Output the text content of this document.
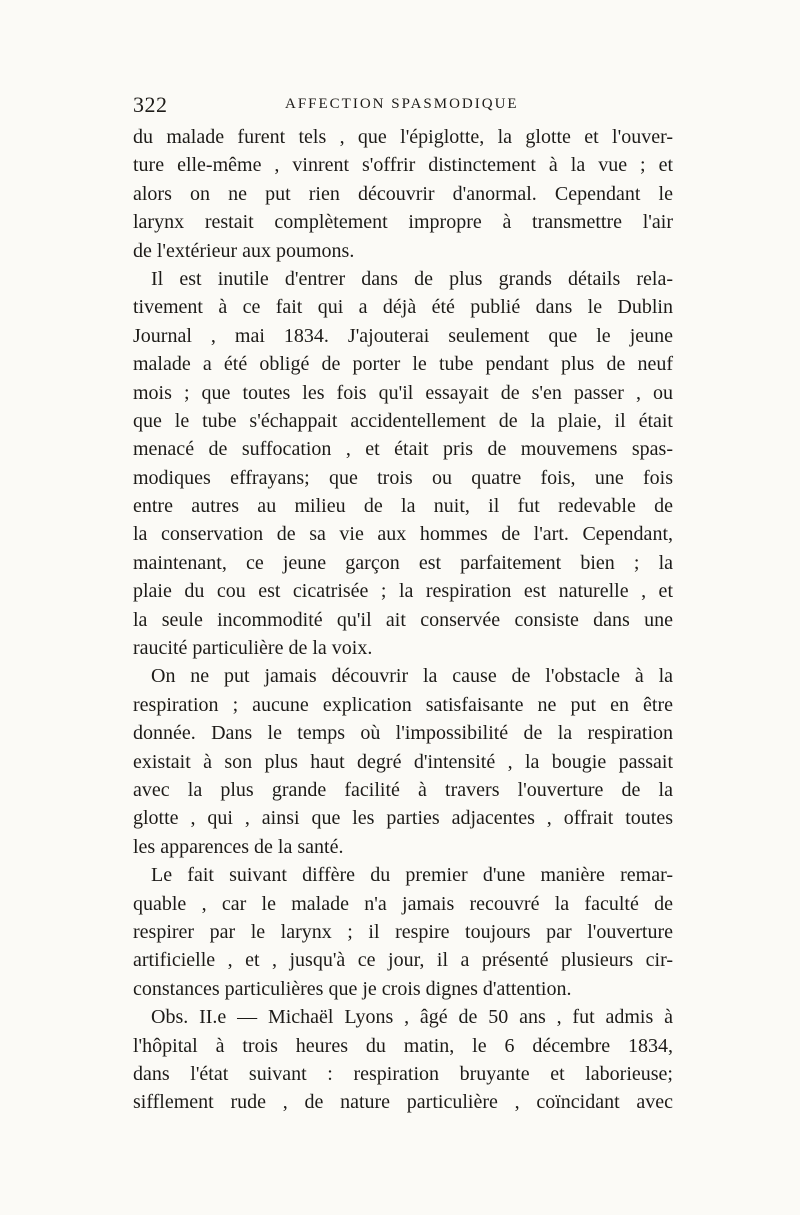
322	AFFECTION SPASMODIQUE
du malade furent tels , que l'épiglotte, la glotte et l'ouver-
ture elle-même , vinrent s'offrir distinctement à la vue ; et
alors on ne put rien découvrir d'anormal. Cependant le
larynx restait complètement impropre à transmettre l'air
de l'extérieur aux poumons.
Il est inutile d'entrer dans de plus grands détails rela-
tivement à ce fait qui a déjà été publié dans le Dublin
Journal , mai 1834. J'ajouterai seulement que le jeune
malade a été obligé de porter le tube pendant plus de neuf
mois ; que toutes les fois qu'il essayait de s'en passer , ou
que le tube s'échappait accidentellement de la plaie, il était
menacé de suffocation , et était pris de mouvemens spas-
modiques effrayans; que trois ou quatre fois, une fois
entre autres au milieu de la nuit, il fut redevable de
la conservation de sa vie aux hommes de l'art. Cependant,
maintenant, ce jeune garçon est parfaitement bien ; la
plaie du cou est cicatrisée ; la respiration est naturelle , et
la seule incommodité qu'il ait conservée consiste dans une
raucité particulière de la voix.
On ne put jamais découvrir la cause de l'obstacle à la
respiration ; aucune explication satisfaisante ne put en être
donnée. Dans le temps où l'impossibilité de la respiration
existait à son plus haut degré d'intensité , la bougie passait
avec la plus grande facilité à travers l'ouverture de la
glotte , qui , ainsi que les parties adjacentes , offrait toutes
les apparences de la santé.
Le fait suivant diffère du premier d'une manière remar-
quable , car le malade n'a jamais recouvré la faculté de
respirer par le larynx ; il respire toujours par l'ouverture
artificielle , et , jusqu'à ce jour, il a présenté plusieurs cir-
constances particulières que je crois dignes d'attention.
Obs. II.e — Michaël Lyons , âgé de 50 ans , fut admis à
l'hôpital à trois heures du matin, le 6 décembre 1834,
dans l'état suivant : respiration bruyante et laborieuse;
sifflement rude , de nature particulière , coïncidant avec
